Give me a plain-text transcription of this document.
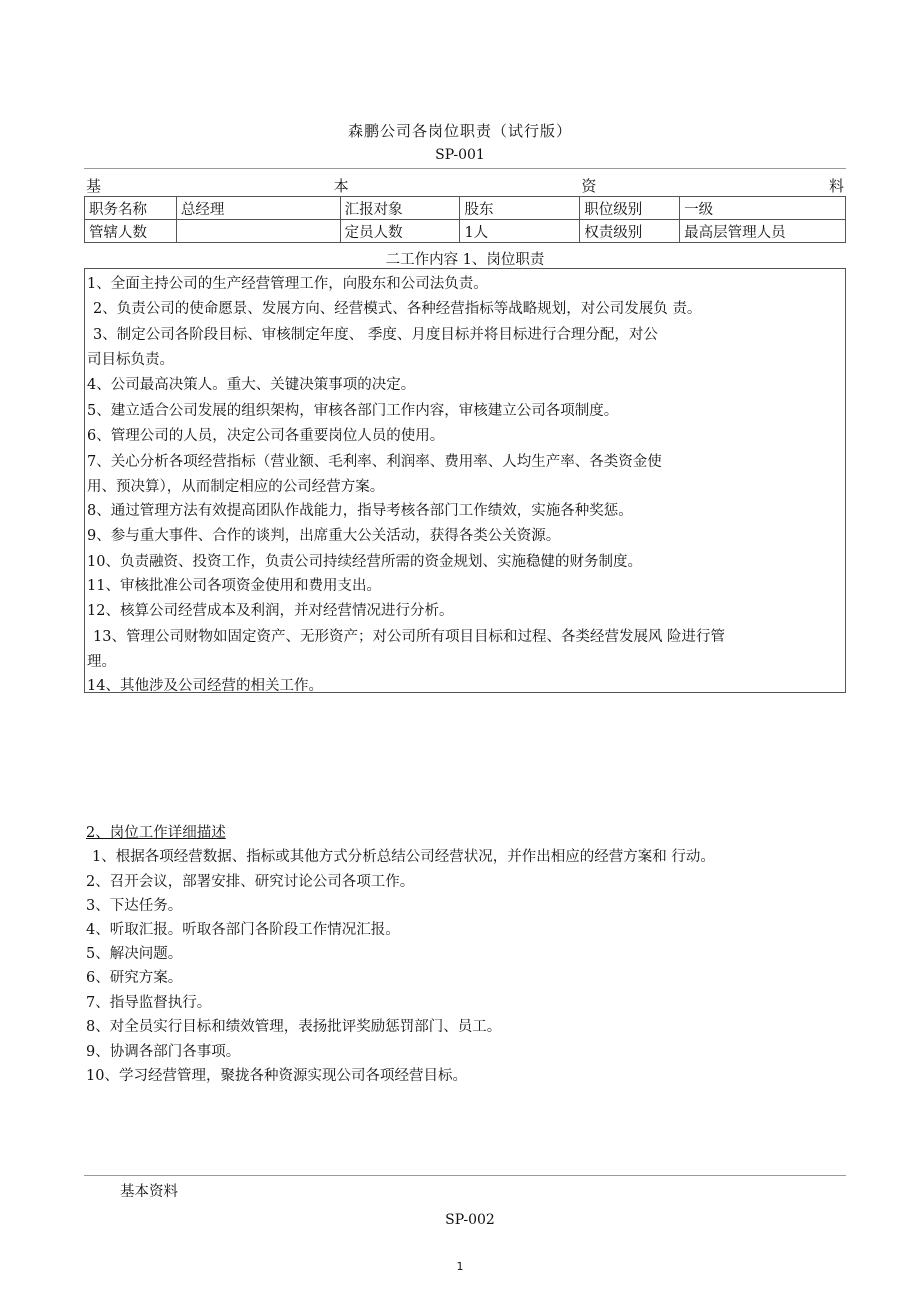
森鹏公司各岗位职责（试行版）
SP-001
基	本	资	料
职务名称	总经理	汇报对象	股东	职位级别	一级
管辖人数		定员人数	1人	权责级别	最高层管理人员
二工作内容 1、岗位职责
1、全面主持公司的生产经营管理工作，向股东和公司法负责。
2、负责公司的使命愿景、发展方向、经营模式、各种经营指标等战略规划，对公司发展负 责。
3、制定公司各阶段目标、审核制定年度、 季度、月度目标并将目标进行合理分配，对公
司目标负责。
4、公司最高决策人。重大、关键决策事项的决定。
5、建立适合公司发展的组织架构，审核各部门工作内容，审核建立公司各项制度。
6、管理公司的人员，决定公司各重要岗位人员的使用。
7、关心分析各项经营指标（营业额、毛利率、利润率、费用率、人均生产率、各类资金使
用、预决算），从而制定相应的公司经营方案。
8、通过管理方法有效提高团队作战能力，指导考核各部门工作绩效，实施各种奖惩。
9、参与重大事件、合作的谈判，出席重大公关活动，获得各类公关资源。
10、负责融资、投资工作，负责公司持续经营所需的资金规划、实施稳健的财务制度。
11、审核批准公司各项资金使用和费用支出。
12、核算公司经营成本及利润，并对经营情况进行分析。
13、管理公司财物如固定资产、无形资产；对公司所有项目目标和过程、各类经营发展风 险进行管
理。
14、其他涉及公司经营的相关工作。
2、岗位工作详细描述
1、根据各项经营数据、指标或其他方式分析总结公司经营状况，并作出相应的经营方案和 行动。
2、召开会议，部署安排、研究讨论公司各项工作。
3、下达任务。
4、听取汇报。听取各部门各阶段工作情况汇报。
5、解决问题。
6、研究方案。
7、指导监督执行。
8、对全员实行目标和绩效管理，表扬批评奖励惩罚部门、员工。
9、协调各部门各事项。
10、学习经营管理，聚拢各种资源实现公司各项经营目标。
基本资料
SP-002
1
